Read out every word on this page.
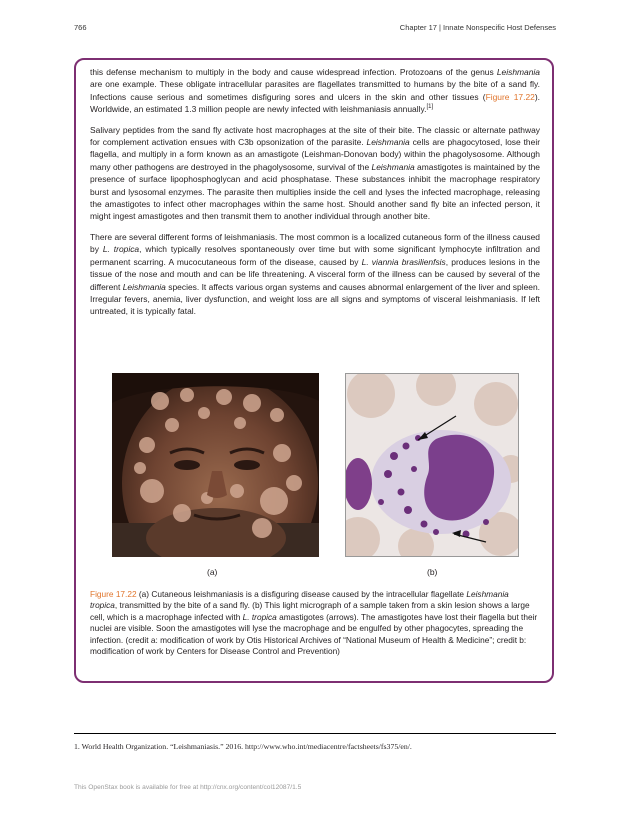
766	Chapter 17 | Innate Nonspecific Host Defenses

this defense mechanism to multiply in the body and cause widespread infection. Protozoans of the genus Leishmania are one example. These obligate intracellular parasites are flagellates transmitted to humans by the bite of a sand fly. Infections cause serious and sometimes disfiguring sores and ulcers in the skin and other tissues (Figure 17.22). Worldwide, an estimated 1.3 million people are newly infected with leishmaniasis annually.[1]

Salivary peptides from the sand fly activate host macrophages at the site of their bite. The classic or alternate pathway for complement activation ensues with C3b opsonization of the parasite. Leishmania cells are phagocytosed, lose their flagella, and multiply in a form known as an amastigote (Leishman-Donovan body) within the phagolysosome. Although many other pathogens are destroyed in the phagolysosome, survival of the Leishmania amastigotes is maintained by the presence of surface lipophosphoglycan and acid phosphatase. These substances inhibit the macrophage respiratory burst and lysosomal enzymes. The parasite then multiplies inside the cell and lyses the infected macrophage, releasing the amastigotes to infect other macrophages within the same host. Should another sand fly bite an infected person, it might ingest amastigotes and then transmit them to another individual through another bite.

There are several different forms of leishmaniasis. The most common is a localized cutaneous form of the illness caused by L. tropica, which typically resolves spontaneously over time but with some significant lymphocyte infiltration and permanent scarring. A mucocutaneous form of the disease, caused by L. viannia brasilienfsis, produces lesions in the tissue of the nose and mouth and can be life threatening. A visceral form of the illness can be caused by several of the different Leishmania species. It affects various organ systems and causes abnormal enlargement of the liver and spleen. Irregular fevers, anemia, liver dysfunction, and weight loss are all signs and symptoms of visceral leishmaniasis. If left untreated, it is typically fatal.

(a)	(b)
Figure 17.22 (a) Cutaneous leishmaniasis is a disfiguring disease caused by the intracellular flagellate Leishmania tropica, transmitted by the bite of a sand fly. (b) This light micrograph of a sample taken from a skin lesion shows a large cell, which is a macrophage infected with L. tropica amastigotes (arrows). The amastigotes have lost their flagella but their nuclei are visible. Soon the amastigotes will lyse the macrophage and be engulfed by other phagocytes, spreading the infection. (credit a: modification of work by Otis Historical Archives of “National Museum of Health & Medicine”; credit b: modification of work by Centers for Disease Control and Prevention)
1. World Health Organization. “Leishmaniasis.” 2016. http://www.who.int/mediacentre/factsheets/fs375/en/.
This OpenStax book is available for free at http://cnx.org/content/col12087/1.5
